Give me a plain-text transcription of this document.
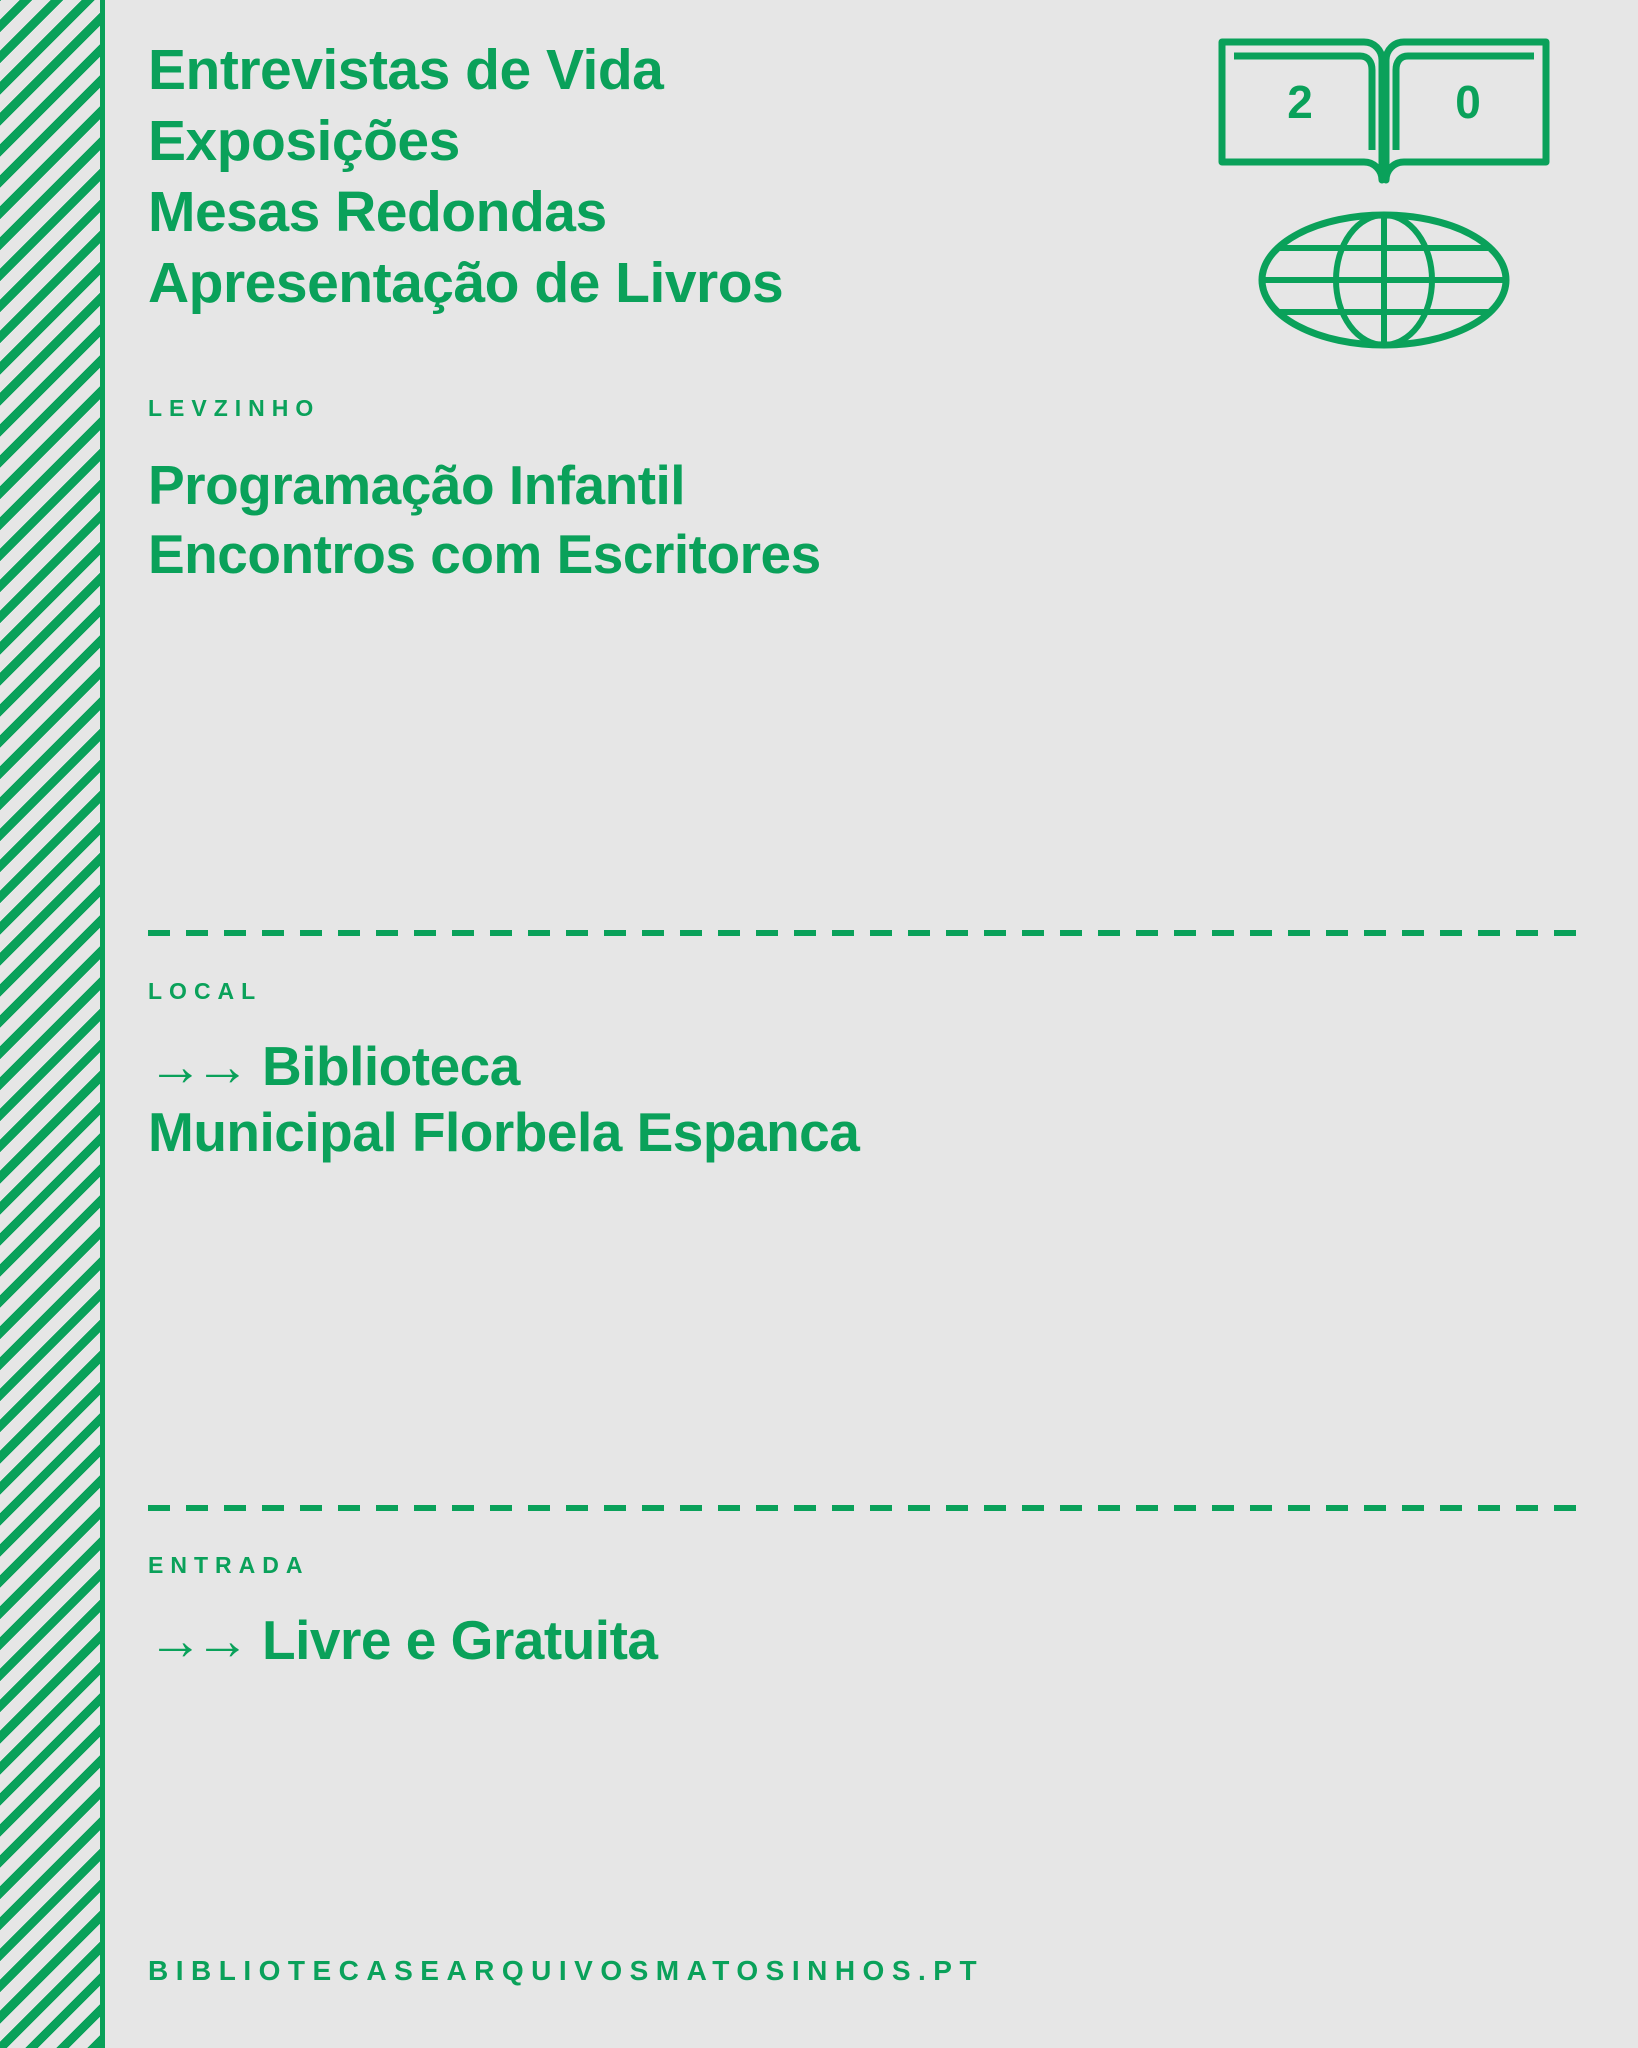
Entrevistas de Vida
Exposições
Mesas Redondas
Apresentação de Livros
2	0
LEVZINHO
Programação Infantil
Encontros com Escritores
LOCAL
→→ Biblioteca
Municipal Florbela Espanca
ENTRADA
→→ Livre e Gratuita
BIBLIOTECASEARQUIVOSMATOSINHOS.PT
